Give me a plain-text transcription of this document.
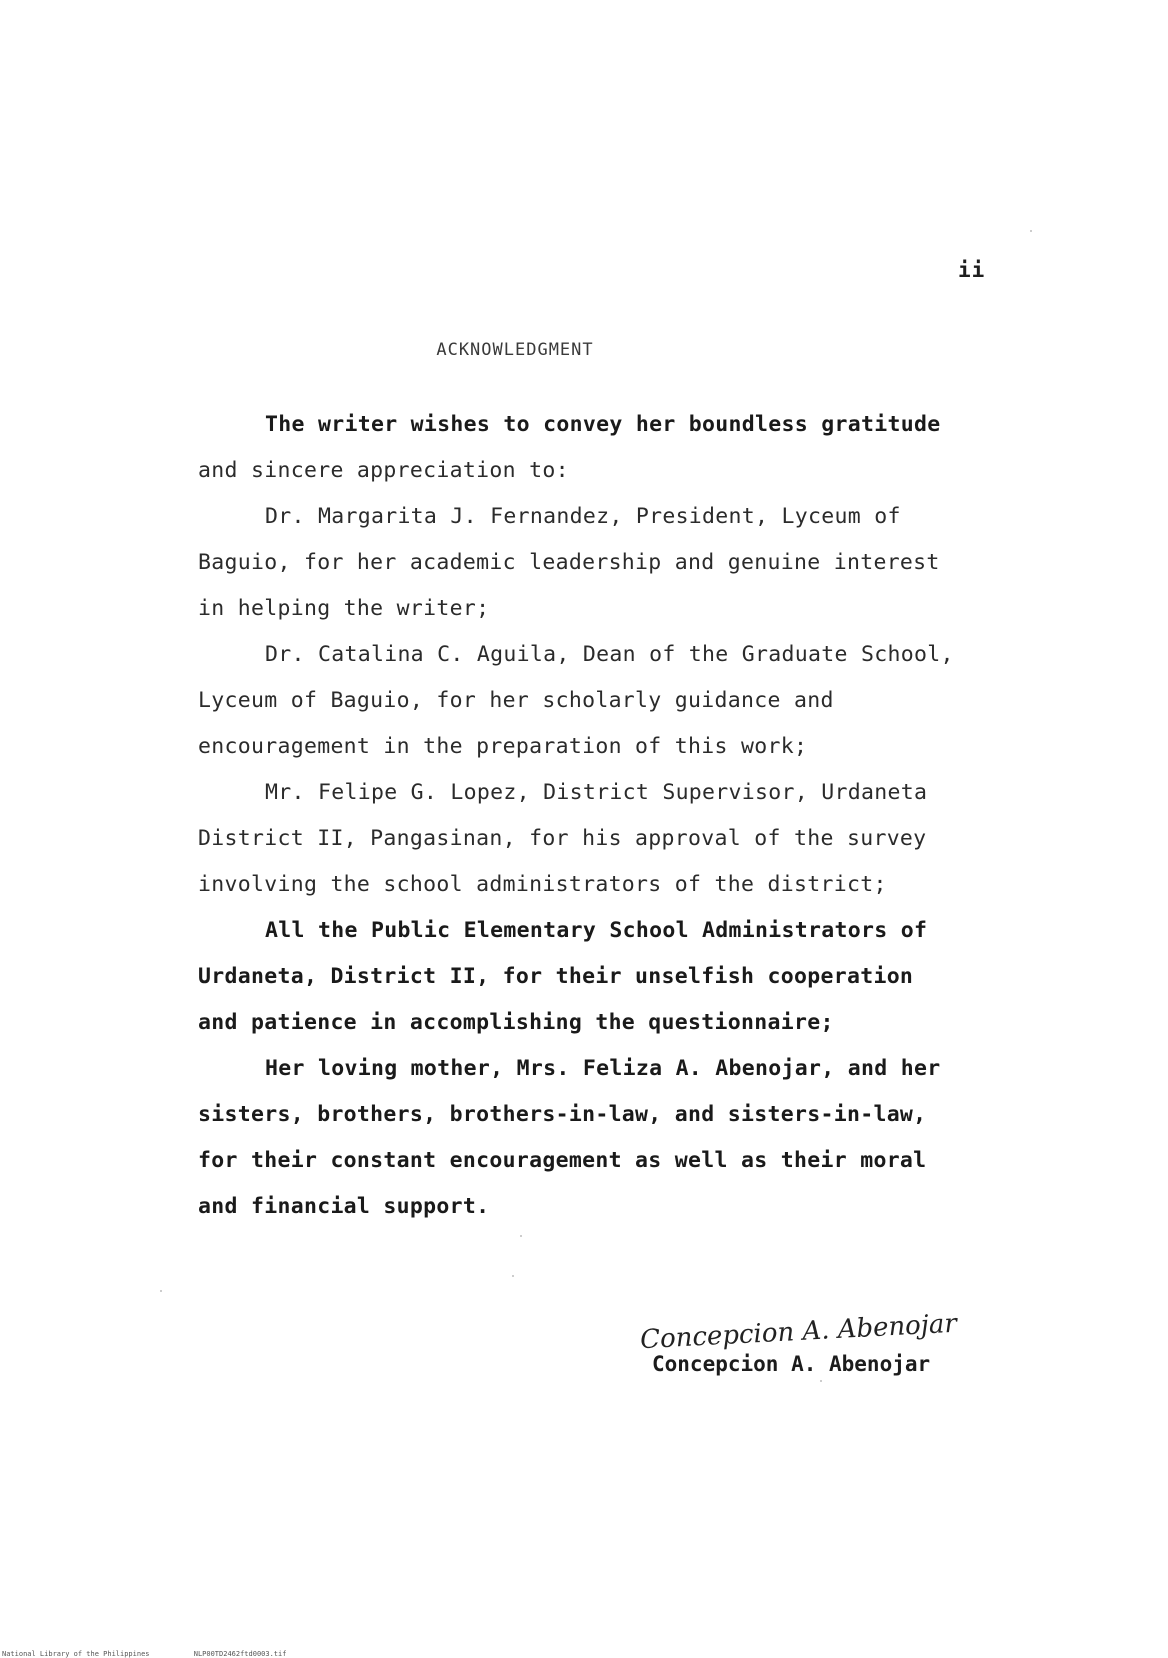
ii
ACKNOWLEDGMENT
The writer wishes to convey her boundless gratitude
and sincere appreciation to:
Dr. Margarita J. Fernandez, President, Lyceum of
Baguio, for her academic leadership and genuine interest
in helping the writer;
Dr. Catalina C. Aguila, Dean of the Graduate School,
Lyceum of Baguio, for her scholarly guidance and
encouragement in the preparation of this work;
Mr. Felipe G. Lopez, District Supervisor, Urdaneta
District II, Pangasinan, for his approval of the survey
involving the school administrators of the district;
All the Public Elementary School Administrators of
Urdaneta, District II, for their unselfish cooperation
and patience in accomplishing the questionnaire;
Her loving mother, Mrs. Feliza A. Abenojar, and her
sisters, brothers, brothers-in-law, and sisters-in-law,
for their constant encouragement as well as their moral
and financial support.
Concepcion A. Abenojar
Concepcion A. Abenojar
National Library of the Philippines	NLP00TD2462ftd0003.tif
